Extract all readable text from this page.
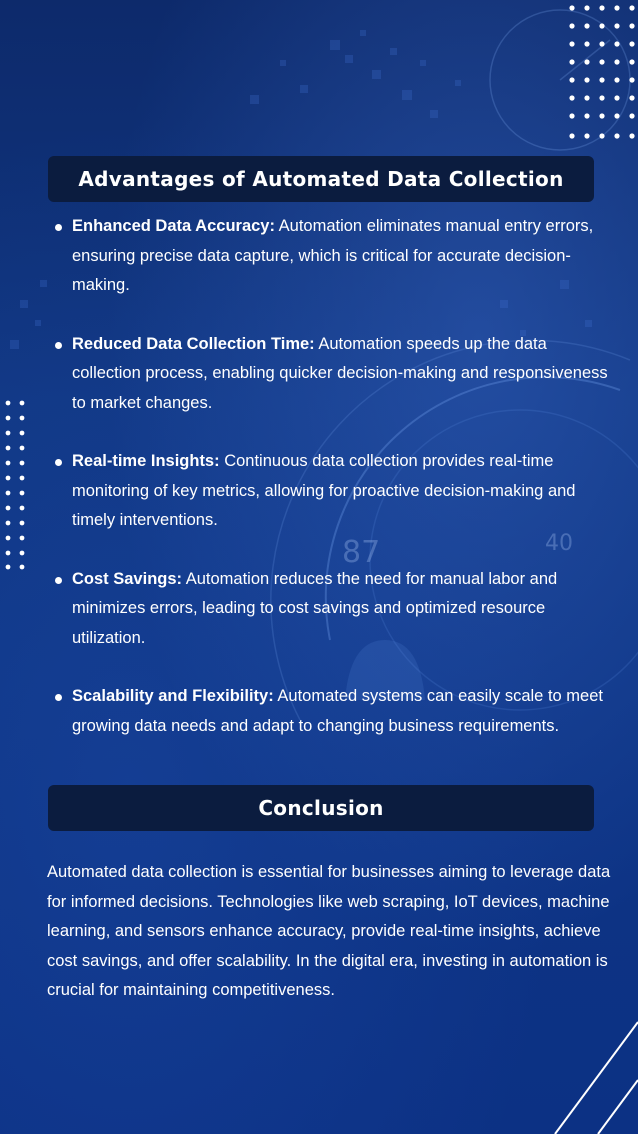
87	40
Advantages of Automated Data Collection
Enhanced Data Accuracy: Automation eliminates manual entry errors, ensuring precise data capture, which is critical for accurate decision-making.
Reduced Data Collection Time: Automation speeds up the data collection process, enabling quicker decision-making and responsiveness to market changes.
Real-time Insights: Continuous data collection provides real-time monitoring of key metrics, allowing for proactive decision-making and timely interventions.
Cost Savings: Automation reduces the need for manual labor and minimizes errors, leading to cost savings and optimized resource utilization.
Scalability and Flexibility: Automated systems can easily scale to meet growing data needs and adapt to changing business requirements.
Conclusion

Automated data collection is essential for businesses aiming to leverage data for informed decisions. Technologies like web scraping, IoT devices, machine learning, and sensors enhance accuracy, provide real-time insights, achieve cost savings, and offer scalability. In the digital era, investing in automation is crucial for maintaining competitiveness.
